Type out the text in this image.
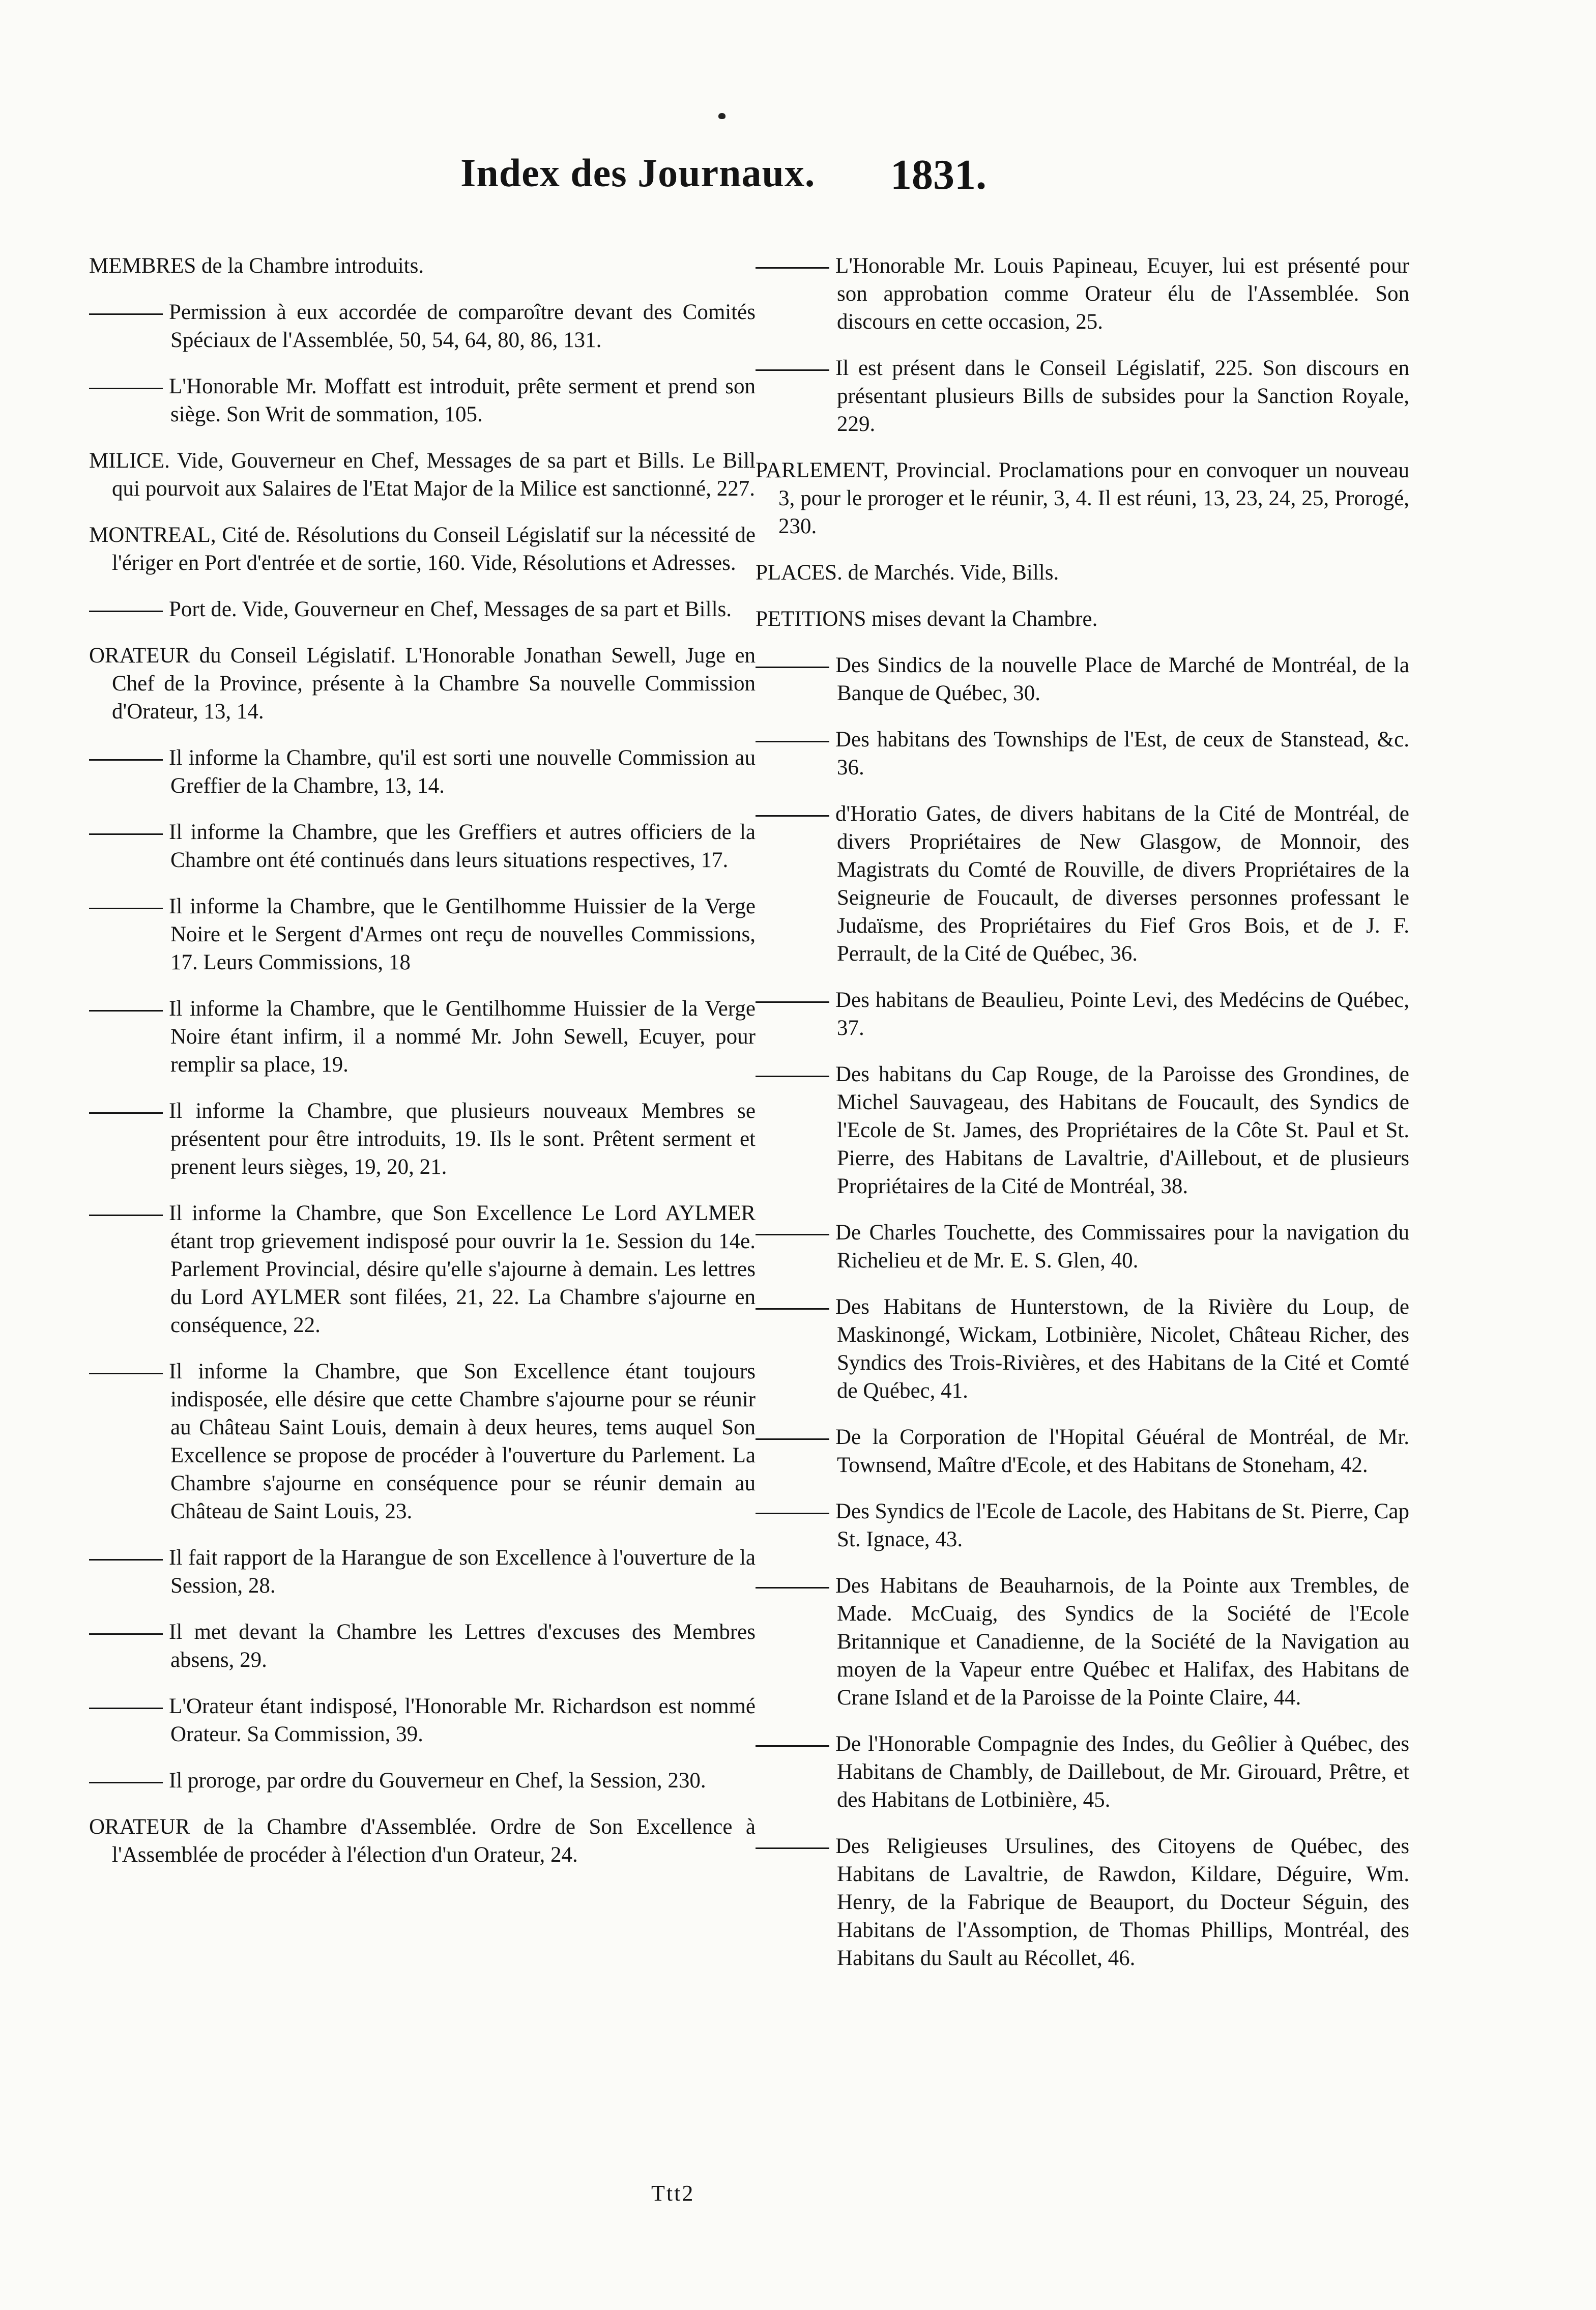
Index des Journaux. 1831.
MEMBRES de la Chambre introduits.
Permission à eux accordée de comparoître devant des Comités Spéciaux de l'Assemblée, 50, 54, 64, 80, 86, 131.
L'Honorable Mr. Moffatt est introduit, prête serment et prend son siège. Son Writ de sommation, 105.
MILICE. Vide, Gouverneur en Chef, Messages de sa part et Bills. Le Bill qui pourvoit aux Salaires de l'Etat Major de la Milice est sanctionné, 227.
MONTREAL, Cité de. Résolutions du Conseil Législatif sur la nécessité de l'ériger en Port d'entrée et de sortie, 160. Vide, Résolutions et Adresses.
Port de. Vide, Gouverneur en Chef, Messages de sa part et Bills.
ORATEUR du Conseil Législatif. L'Honorable Jonathan Sewell, Juge en Chef de la Province, présente à la Chambre Sa nouvelle Commission d'Orateur, 13, 14.
Il informe la Chambre, qu'il est sorti une nouvelle Commission au Greffier de la Chambre, 13, 14.
Il informe la Chambre, que les Greffiers et autres officiers de la Chambre ont été continués dans leurs situations respectives, 17.
Il informe la Chambre, que le Gentilhomme Huissier de la Verge Noire et le Sergent d'Armes ont reçu de nouvelles Commissions, 17. Leurs Commissions, 18
Il informe la Chambre, que le Gentilhomme Huissier de la Verge Noire étant infirm, il a nommé Mr. John Sewell, Ecuyer, pour remplir sa place, 19.
Il informe la Chambre, que plusieurs nouveaux Membres se présentent pour être introduits, 19. Ils le sont. Prêtent serment et prenent leurs sièges, 19, 20, 21.
Il informe la Chambre, que Son Excellence Le Lord AYLMER étant trop grievement indisposé pour ouvrir la 1e. Session du 14e. Parlement Provincial, désire qu'elle s'ajourne à demain. Les lettres du Lord AYLMER sont filées, 21, 22. La Chambre s'ajourne en conséquence, 22.
Il informe la Chambre, que Son Excellence étant toujours indisposée, elle désire que cette Chambre s'ajourne pour se réunir au Château Saint Louis, demain à deux heures, tems auquel Son Excellence se propose de procéder à l'ouverture du Parlement. La Chambre s'ajourne en conséquence pour se réunir demain au Château de Saint Louis, 23.
Il fait rapport de la Harangue de son Excellence à l'ouverture de la Session, 28.
Il met devant la Chambre les Lettres d'excuses des Membres absens, 29.
L'Orateur étant indisposé, l'Honorable Mr. Richardson est nommé Orateur. Sa Commission, 39.
Il proroge, par ordre du Gouverneur en Chef, la Session, 230.
ORATEUR de la Chambre d'Assemblée. Ordre de Son Excellence à l'Assemblée de procéder à l'élection d'un Orateur, 24.
L'Honorable Mr. Louis Papineau, Ecuyer, lui est présenté pour son approbation comme Orateur élu de l'Assemblée. Son discours en cette occasion, 25.
Il est présent dans le Conseil Législatif, 225. Son discours en présentant plusieurs Bills de subsides pour la Sanction Royale, 229.
PARLEMENT, Provincial. Proclamations pour en convoquer un nouveau 3, pour le proroger et le réunir, 3, 4. Il est réuni, 13, 23, 24, 25, Prorogé, 230.
PLACES. de Marchés. Vide, Bills.
PETITIONS mises devant la Chambre.
Des Sindics de la nouvelle Place de Marché de Montréal, de la Banque de Québec, 30.
Des habitans des Townships de l'Est, de ceux de Stanstead, &c. 36.
d'Horatio Gates, de divers habitans de la Cité de Montréal, de divers Propriétaires de New Glasgow, de Monnoir, des Magistrats du Comté de Rouville, de divers Propriétaires de la Seigneurie de Foucault, de diverses personnes professant le Judaïsme, des Propriétaires du Fief Gros Bois, et de J. F. Perrault, de la Cité de Québec, 36.
Des habitans de Beaulieu, Pointe Levi, des Medécins de Québec, 37.
Des habitans du Cap Rouge, de la Paroisse des Grondines, de Michel Sauvageau, des Habitans de Foucault, des Syndics de l'Ecole de St. James, des Propriétaires de la Côte St. Paul et St. Pierre, des Habitans de Lavaltrie, d'Aillebout, et de plusieurs Propriétaires de la Cité de Montréal, 38.
De Charles Touchette, des Commissaires pour la navigation du Richelieu et de Mr. E. S. Glen, 40.
Des Habitans de Hunterstown, de la Rivière du Loup, de Maskinongé, Wickam, Lotbinière, Nicolet, Château Richer, des Syndics des Trois-Rivières, et des Habitans de la Cité et Comté de Québec, 41.
De la Corporation de l'Hopital Géuéral de Montréal, de Mr. Townsend, Maître d'Ecole, et des Habitans de Stoneham, 42.
Des Syndics de l'Ecole de Lacole, des Habitans de St. Pierre, Cap St. Ignace, 43.
Des Habitans de Beauharnois, de la Pointe aux Trembles, de Made. McCuaig, des Syndics de la Société de l'Ecole Britannique et Canadienne, de la Société de la Navigation au moyen de la Vapeur entre Québec et Halifax, des Habitans de Crane Island et de la Paroisse de la Pointe Claire, 44.
De l'Honorable Compagnie des Indes, du Geôlier à Québec, des Habitans de Chambly, de Daillebout, de Mr. Girouard, Prêtre, et des Habitans de Lotbinière, 45.
Des Religieuses Ursulines, des Citoyens de Québec, des Habitans de Lavaltrie, de Rawdon, Kildare, Déguire, Wm. Henry, de la Fabrique de Beauport, du Docteur Séguin, des Habitans de l'Assomption, de Thomas Phillips, Montréal, des Habitans du Sault au Récollet, 46.
Ttt2
